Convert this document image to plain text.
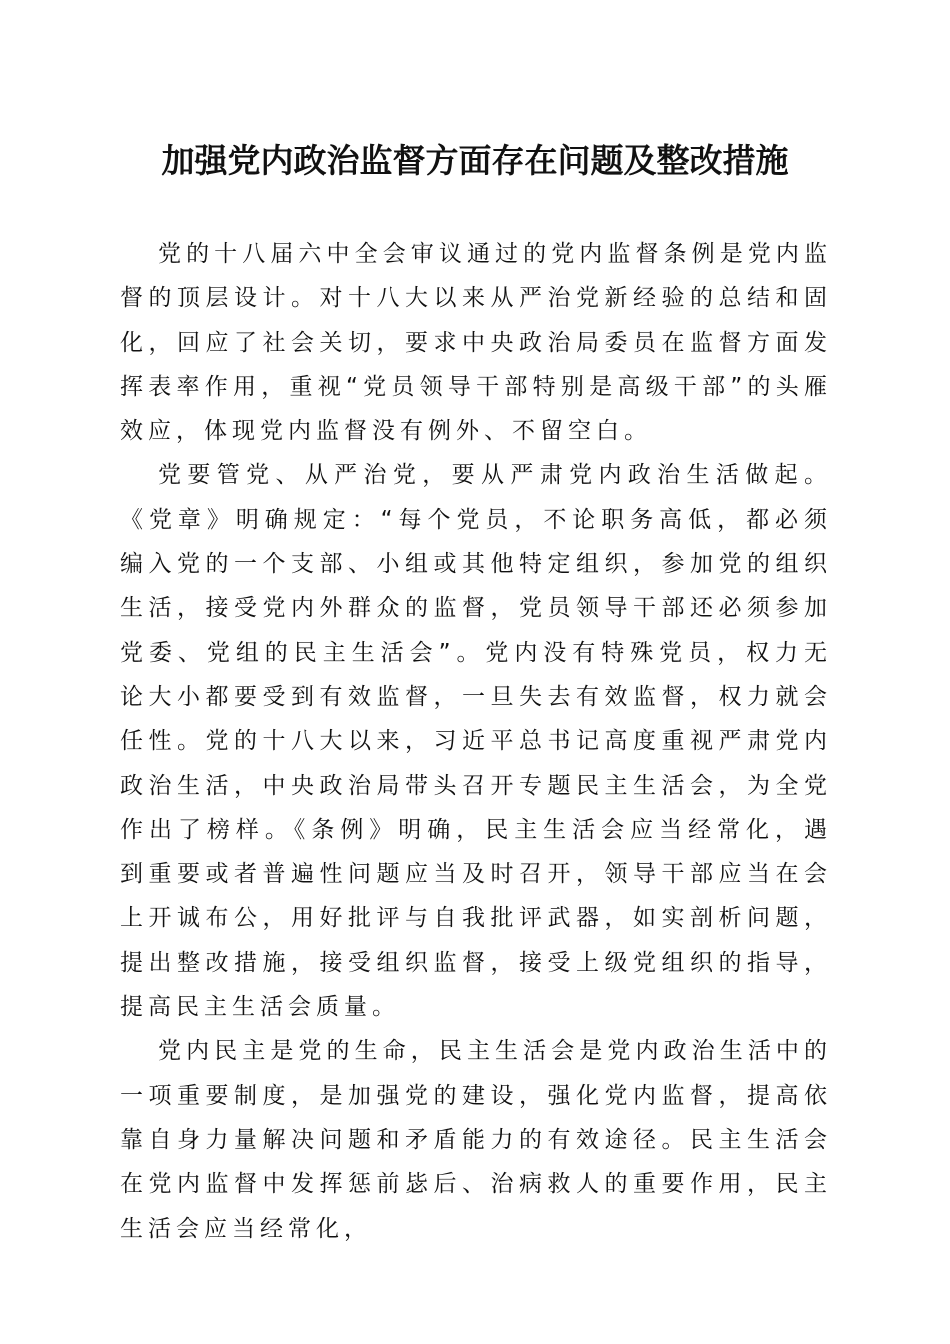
加强党内政治监督方面存在问题及整改措施

党的十八届六中全会审议通过的党内监督条例是党内监督的顶层设计。对十八大以来从严治党新经验的总结和固化，回应了社会关切，要求中央政治局委员在监督方面发挥表率作用，重视“党员领导干部特别是高级干部”的头雁效应，体现党内监督没有例外、不留空白。

党要管党、从严治党，要从严肃党内政治生活做起。《党章》明确规定：“每个党员，不论职务高低，都必须编入党的一个支部、小组或其他特定组织，参加党的组织生活，接受党内外群众的监督，党员领导干部还必须参加党委、党组的民主生活会”。党内没有特殊党员，权力无论大小都要受到有效监督，一旦失去有效监督，权力就会任性。党的十八大以来，习近平总书记高度重视严肃党内政治生活，中央政治局带头召开专题民主生活会，为全党作出了榜样。《条例》明确，民主生活会应当经常化，遇到重要或者普遍性问题应当及时召开，领导干部应当在会上开诚布公，用好批评与自我批评武器，如实剖析问题，提出整改措施，接受组织监督，接受上级党组织的指导，提高民主生活会质量。

党内民主是党的生命，民主生活会是党内政治生活中的一项重要制度，是加强党的建设，强化党内监督，提高依靠自身力量解决问题和矛盾能力的有效途径。民主生活会在党内监督中发挥惩前毖后、治病救人的重要作用，民主生活会应当经常化，
